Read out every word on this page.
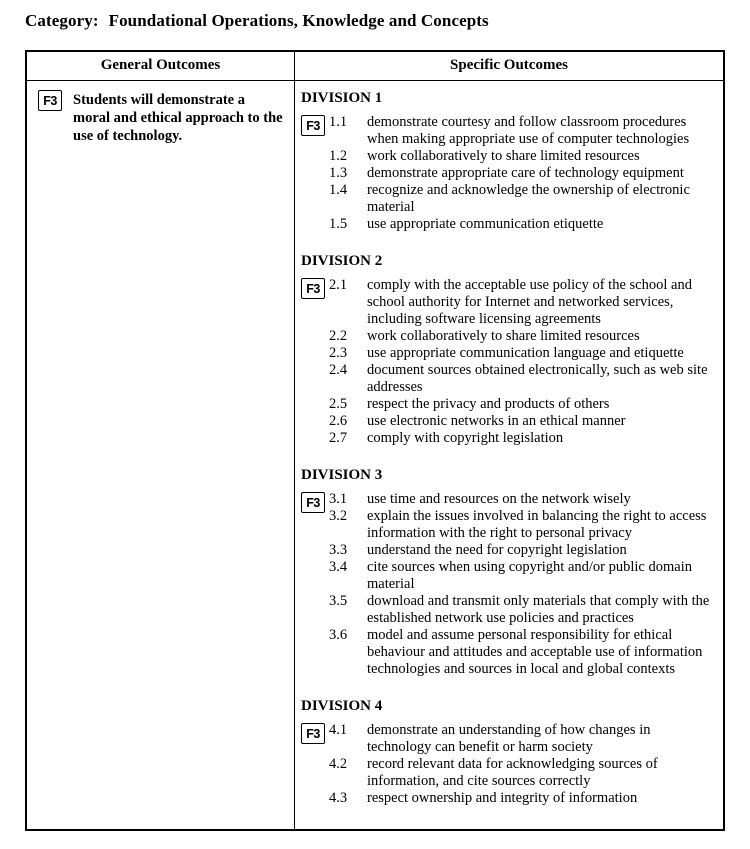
Category: Foundational Operations, Knowledge and Concepts
General Outcomes	Specific Outcomes
F3	Students will demonstrate a moral and ethical approach to the use of technology.

DIVISION 1
F3 1.1	demonstrate courtesy and follow classroom procedures when making appropriate use of computer technologies
1.2	work collaboratively to share limited resources
1.3	demonstrate appropriate care of technology equipment
1.4	recognize and acknowledge the ownership of electronic material
1.5	use appropriate communication etiquette
DIVISION 2
F3 2.1	comply with the acceptable use policy of the school and school authority for Internet and networked services, including software licensing agreements
2.2	work collaboratively to share limited resources
2.3	use appropriate communication language and etiquette
2.4	document sources obtained electronically, such as web site addresses
2.5	respect the privacy and products of others
2.6	use electronic networks in an ethical manner
2.7	comply with copyright legislation
DIVISION 3
F3 3.1	use time and resources on the network wisely
3.2	explain the issues involved in balancing the right to access information with the right to personal privacy
3.3	understand the need for copyright legislation
3.4	cite sources when using copyright and/or public domain material
3.5	download and transmit only materials that comply with the established network use policies and practices
3.6	model and assume personal responsibility for ethical behaviour and attitudes and acceptable use of information technologies and sources in local and global contexts
DIVISION 4
F3 4.1	demonstrate an understanding of how changes in technology can benefit or harm society
4.2	record relevant data for acknowledging sources of information, and cite sources correctly
4.3	respect ownership and integrity of information
